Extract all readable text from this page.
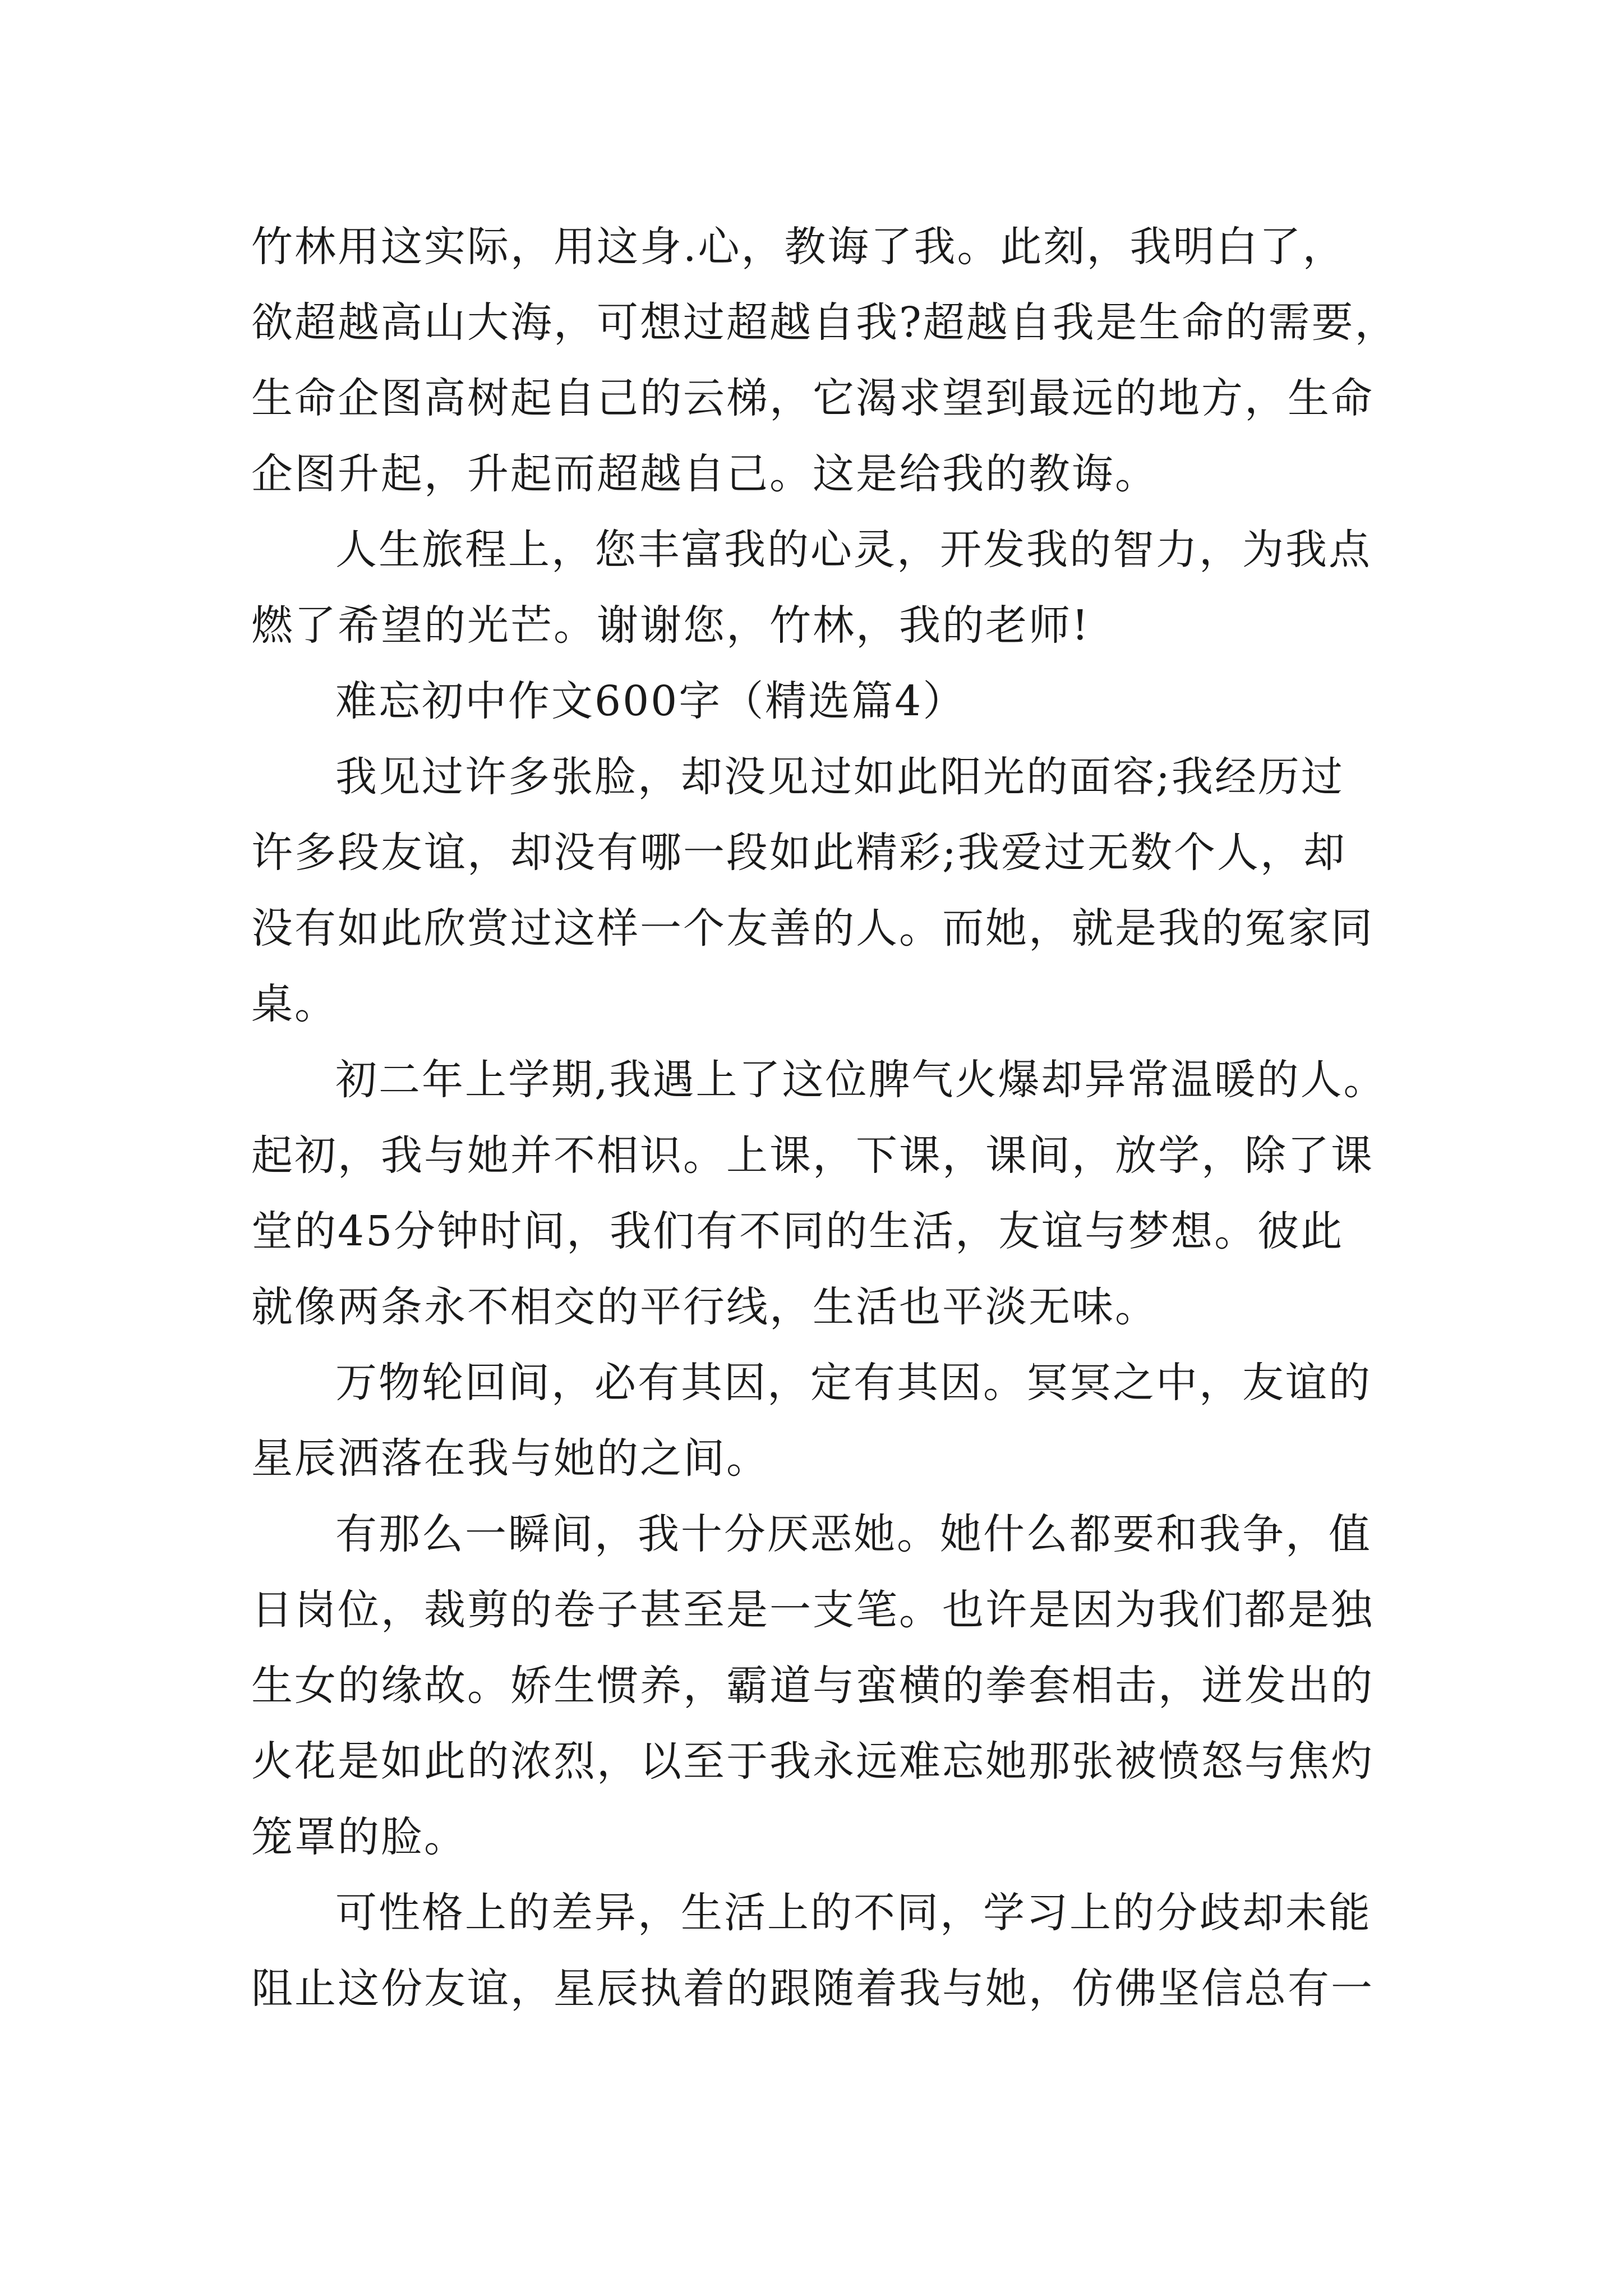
竹林用这实际，用这身.心，教诲了我。此刻，我明白了，
欲超越高山大海，可想过超越自我?超越自我是生命的需要，
生命企图高树起自己的云梯，它渴求望到最远的地方，生命
企图升起，升起而超越自己。这是给我的教诲。
人生旅程上，您丰富我的心灵，开发我的智力，为我点
燃了希望的光芒。谢谢您，竹林，我的老师!
难忘初中作文600字（精选篇4）
我见过许多张脸，却没见过如此阳光的面容;我经历过
许多段友谊，却没有哪一段如此精彩;我爱过无数个人，却
没有如此欣赏过这样一个友善的人。而她，就是我的冤家同
桌。
初二年上学期,我遇上了这位脾气火爆却异常温暖的人。
起初，我与她并不相识。上课，下课，课间，放学，除了课
堂的45分钟时间，我们有不同的生活，友谊与梦想。彼此
就像两条永不相交的平行线，生活也平淡无味。
万物轮回间，必有其因，定有其因。冥冥之中，友谊的
星辰洒落在我与她的之间。
有那么一瞬间，我十分厌恶她。她什么都要和我争，值
日岗位，裁剪的卷子甚至是一支笔。也许是因为我们都是独
生女的缘故。娇生惯养，霸道与蛮横的拳套相击，迸发出的
火花是如此的浓烈，以至于我永远难忘她那张被愤怒与焦灼
笼罩的脸。
可性格上的差异，生活上的不同，学习上的分歧却未能
阻止这份友谊，星辰执着的跟随着我与她，仿佛坚信总有一
